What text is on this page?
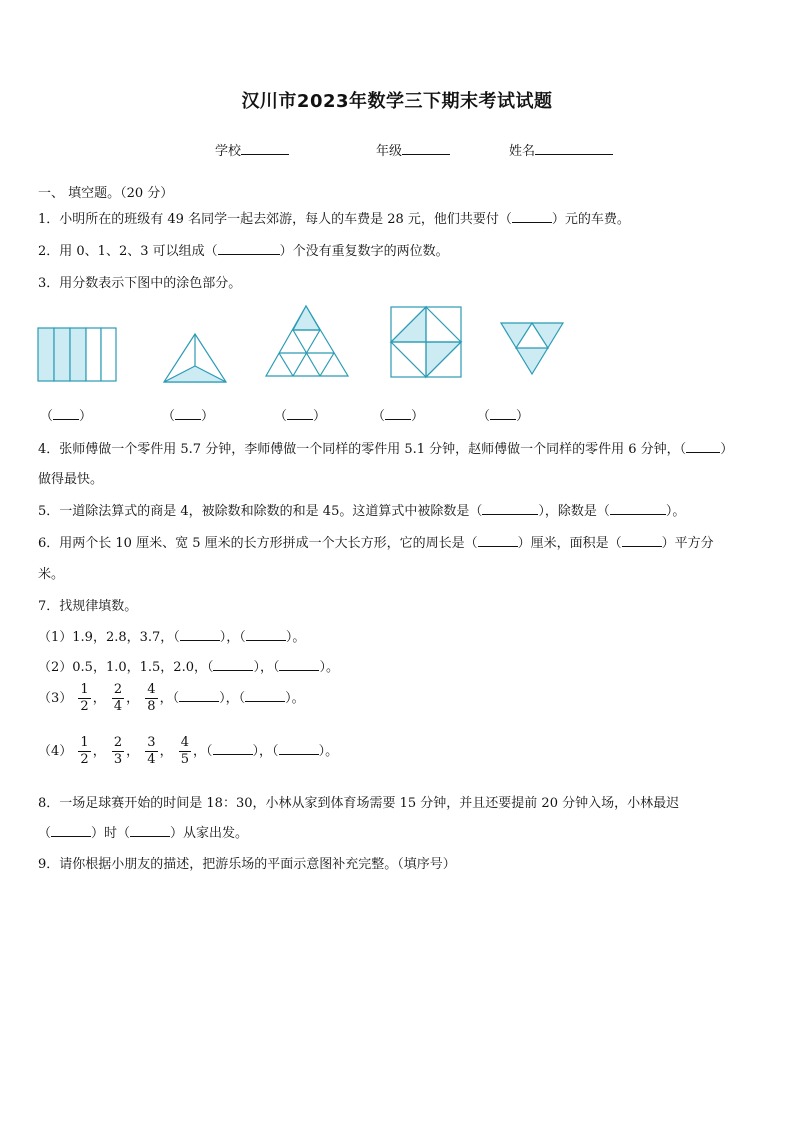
汉川市2023年数学三下期末考试试题
学校	年级	姓名
一、 填空题。（20 分）
1．小明所在的班级有 49 名同学一起去郊游，每人的车费是 28 元，他们共要付（	）元的车费。
2．用 0、1、2、3 可以组成（	）个没有重复数字的两位数。
3．用分数表示下图中的涂色部分。
（ ）	（ ）	（ ）	（ ）	（ ）
4．张师傅做一个零件用 5.7 分钟，李师傅做一个同样的零件用 5.1 分钟，赵师傅做一个同样的零件用 6 分钟，（	）
做得最快。
5．一道除法算式的商是 4，被除数和除数的和是 45。这道算式中被除数是（	），除数是（	）。
6．用两个长 10 厘米、宽 5 厘米的长方形拼成一个大长方形，它的周长是（	）厘米，面积是（	）平方分
米。
7．找规律填数。
（1）1.9，2.8，3.7，（	），（	）。
（2）0.5，1.0，1.5，2.0，（	），（	）。
$(3) \frac{1}{2}$ ， $\frac{2}{4}$ ， $\frac{4}{8}$ ，（	），（	）。
$(4) \frac{1}{2}$ ， $\frac{2}{3}$ ， $\frac{3}{4}$ ， $\frac{4}{5}$ ，（	），（	）。
8．一场足球赛开始的时间是 18：30，小林从家到体育场需要 15 分钟，并且还要提前 20 分钟入场，小林最迟
（	）时（	）从家出发。
9．请你根据小朋友的描述，把游乐场的平面示意图补充完整。（填序号）
